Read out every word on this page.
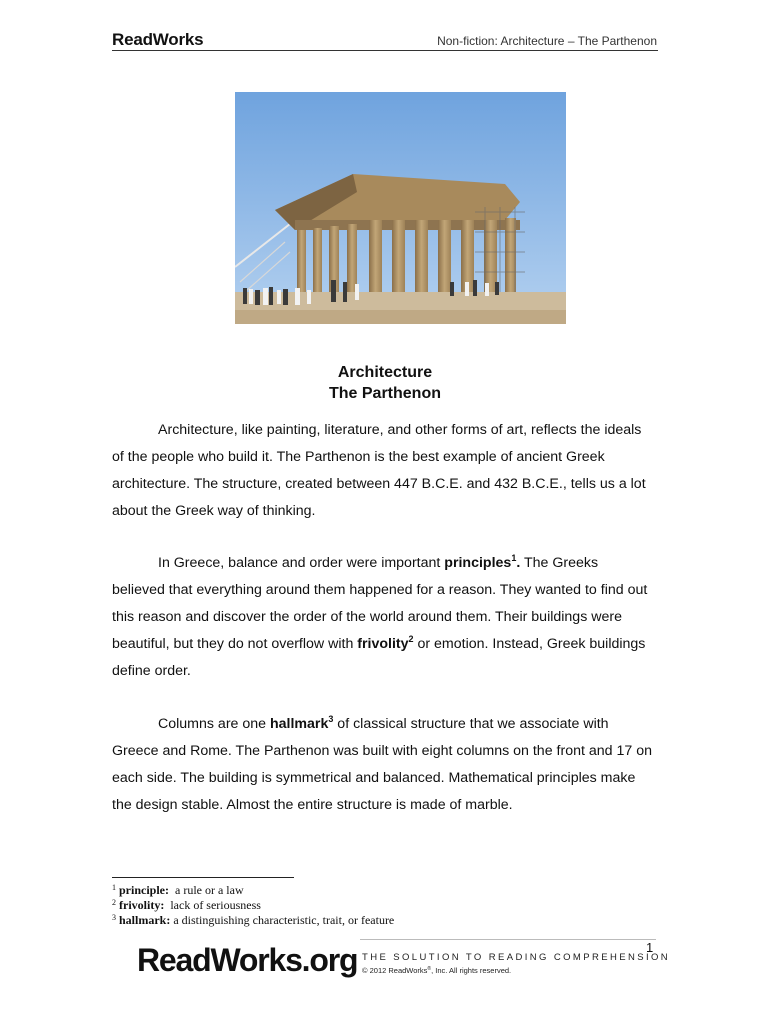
ReadWorks	Non-fiction: Architecture – The Parthenon
Architecture
The Parthenon
Architecture, like painting, literature, and other forms of art, reflects the ideals of the people who build it. The Parthenon is the best example of ancient Greek architecture. The structure, created between 447 B.C.E. and 432 B.C.E., tells us a lot about the Greek way of thinking.
In Greece, balance and order were important principles$^1$. The Greeks believed that everything around them happened for a reason. They wanted to find out this reason and discover the order of the world around them. Their buildings were beautiful, but they do not overflow with frivolity$^2$ or emotion. Instead, Greek buildings define order.
Columns are one hallmark$^3$ of classical structure that we associate with Greece and Rome. The Parthenon was built with eight columns on the front and 17 on each side. The building is symmetrical and balanced. Mathematical principles make the design stable. Almost the entire structure is made of marble.
$^1$ principle: a rule or a law
$^2$ frivolity: lack of seriousness
$^3$ hallmark: a distinguishing characteristic, trait, or feature
1
ReadWorks.org THE SOLUTION TO READING COMPREHENSION
© 2012 ReadWorks®, Inc. All rights reserved.
